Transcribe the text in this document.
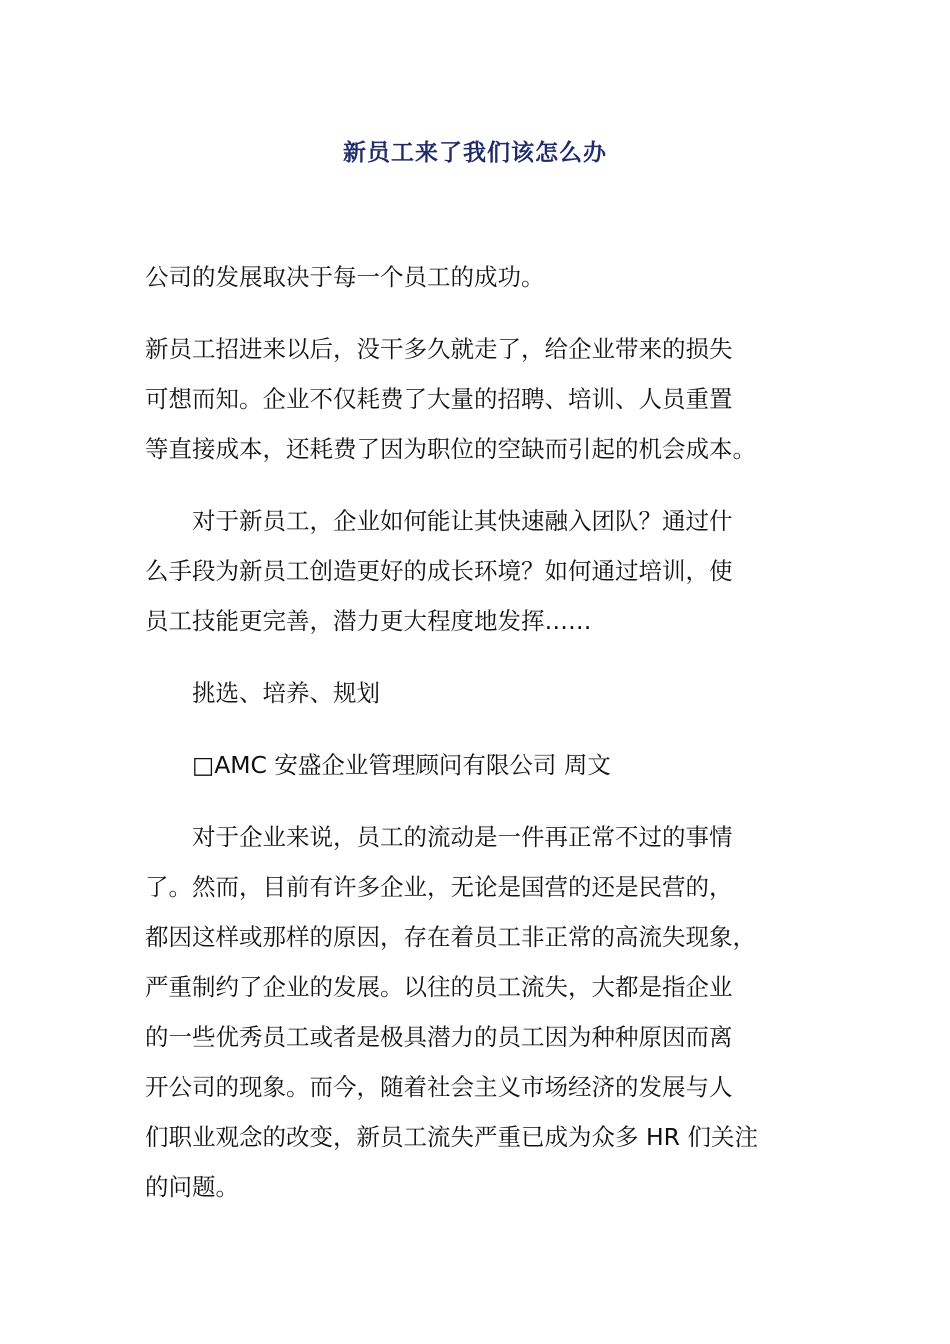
新员工来了我们该怎么办

公司的发展取决于每一个员工的成功。

新员工招进来以后，没干多久就走了，给企业带来的损失
可想而知。企业不仅耗费了大量的招聘、培训、人员重置
等直接成本，还耗费了因为职位的空缺而引起的机会成本。

对于新员工，企业如何能让其快速融入团队？通过什
么手段为新员工创造更好的成长环境？如何通过培训，使
员工技能更完善，潜力更大程度地发挥……

挑选、培养、规划

□AMC 安盛企业管理顾问有限公司 周文

对于企业来说，员工的流动是一件再正常不过的事情
了。然而，目前有许多企业，无论是国营的还是民营的，
都因这样或那样的原因，存在着员工非正常的高流失现象，
严重制约了企业的发展。以往的员工流失，大都是指企业
的一些优秀员工或者是极具潜力的员工因为种种原因而离
开公司的现象。而今，随着社会主义市场经济的发展与人
们职业观念的改变，新员工流失严重已成为众多 HR 们关注
的问题。
